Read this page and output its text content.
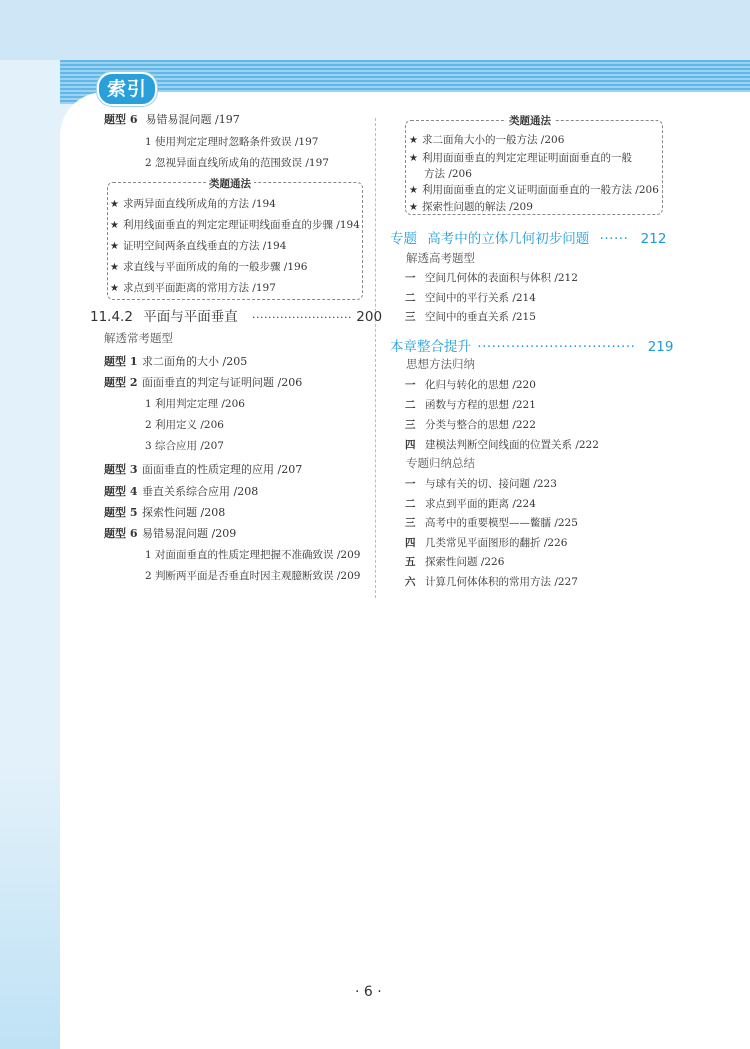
索引
题型 6 易错易混问题 /197
1 使用判定定理时忽略条件致误 /197
2 忽视异面直线所成角的范围致误 /197
类题通法
★ 求两异面直线所成角的方法 /194
★ 利用线面垂直的判定定理证明线面垂直的步骤 /194
★ 证明空间两条直线垂直的方法 /194
★ 求直线与平面所成的角的一般步骤 /196
★ 求点到平面距离的常用方法 /197
11.4.2 平面与平面垂直 ························· 200
解透常考题型
题型 1 求二面角的大小 /205
题型 2 面面垂直的判定与证明问题 /206
1 利用判定定理 /206
2 利用定义 /206
3 综合应用 /207
题型 3 面面垂直的性质定理的应用 /207
题型 4 垂直关系综合应用 /208
题型 5 探索性问题 /208
题型 6 易错易混问题 /209
1 对面面垂直的性质定理把握不准确致误 /209
2 判断两平面是否垂直时因主观臆断致误 /209
类题通法
★ 求二面角大小的一般方法 /206
★ 利用面面垂直的判定定理证明面面垂直的一般
方法 /206
★ 利用面面垂直的定义证明面面垂直的一般方法 /206
★ 探索性问题的解法 /209
专题 高考中的立体几何初步问题 ······ 212
解透高考题型
一 空间几何体的表面积与体积 /212
二 空间中的平行关系 /214
三 空间中的垂直关系 /215
本章整合提升 ································· 219
思想方法归纳
一 化归与转化的思想 /220
二 函数与方程的思想 /221
三 分类与整合的思想 /222
四 建模法判断空间线面的位置关系 /222
专题归纳总结
一 与球有关的切、接问题 /223
二 求点到平面的距离 /224
三 高考中的重要模型——鳖臑 /225
四 几类常见平面图形的翻折 /226
五 探索性问题 /226
六 计算几何体体积的常用方法 /227
· 6 ·
